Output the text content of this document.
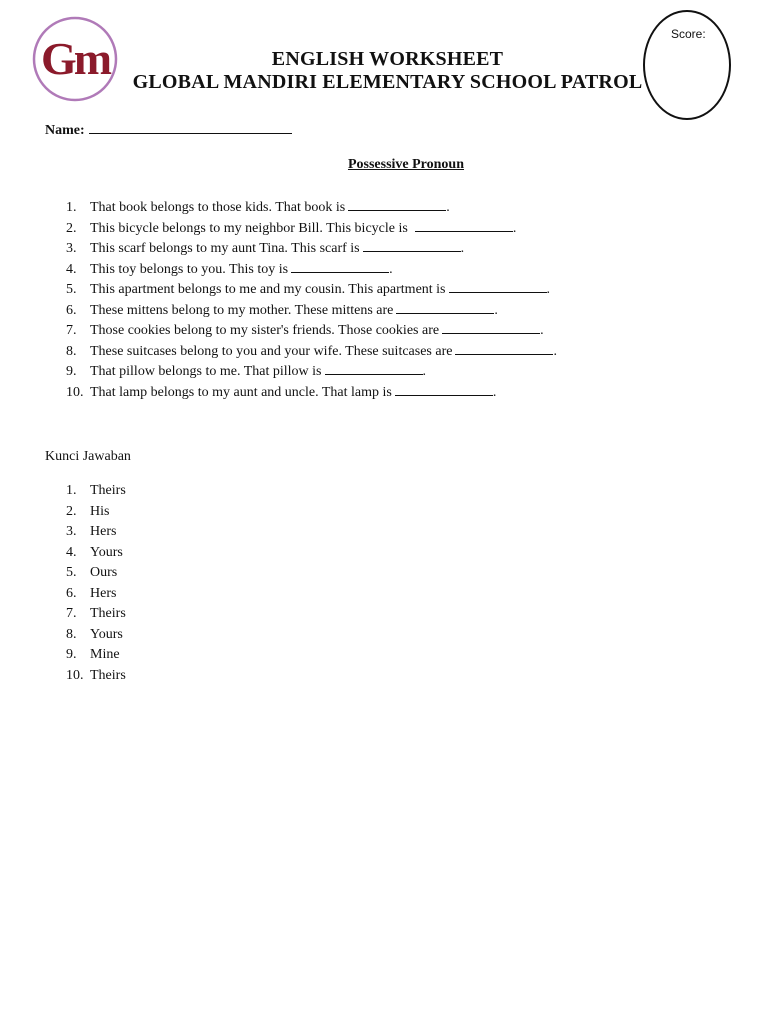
Gm	ENGLISH WORKSHEET
GLOBAL MANDIRI ELEMENTARY SCHOOL PATROL
Score:
Name:
Possessive Pronoun
1. That book belongs to those kids. That book is	.
2. This bicycle belongs to my neighbor Bill. This bicycle is	.
3. This scarf belongs to my aunt Tina. This scarf is	.
4. This toy belongs to you. This toy is	.
5. This apartment belongs to me and my cousin. This apartment is	.
6. These mittens belong to my mother. These mittens are	.
7. Those cookies belong to my sister's friends. Those cookies are	.
8. These suitcases belong to you and your wife. These suitcases are	.
9. That pillow belongs to me. That pillow is	.
10. That lamp belongs to my aunt and uncle. That lamp is	.
Kunci Jawaban
1. Theirs
2. His
3. Hers
4. Yours
5. Ours
6. Hers
7. Theirs
8. Yours
9. Mine
10. Theirs
